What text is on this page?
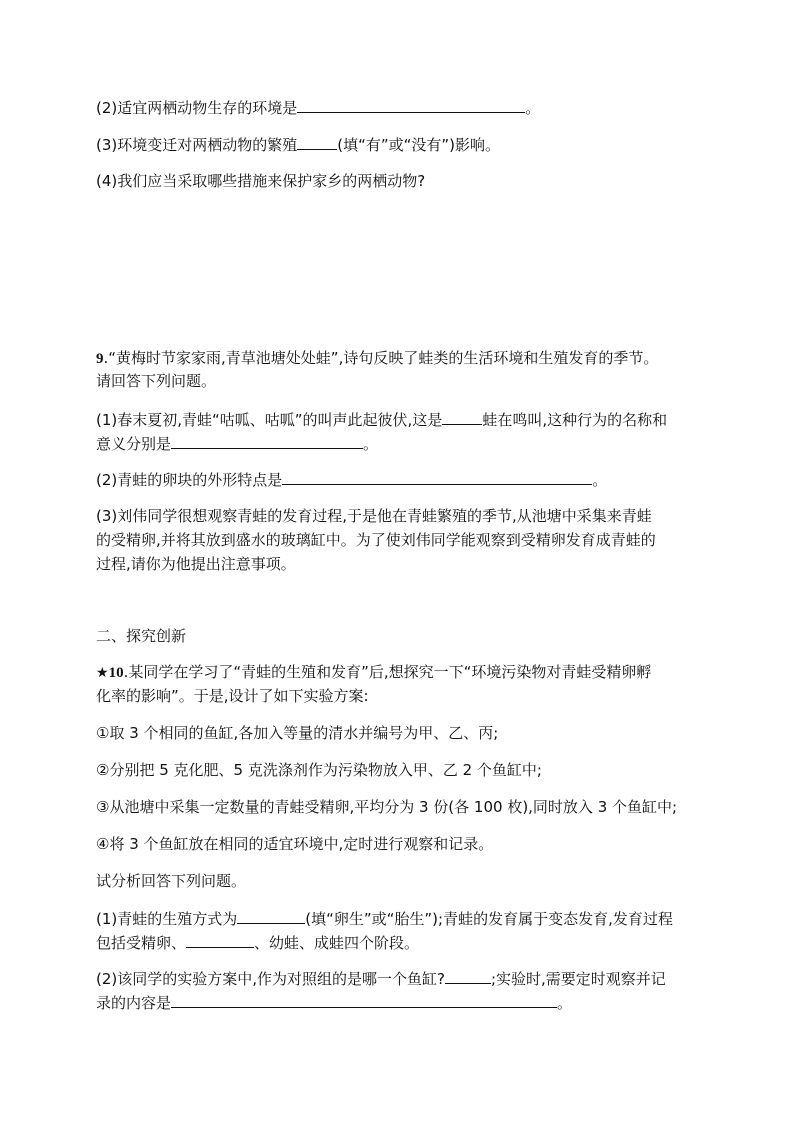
(2)适宜两栖动物生存的环境是	。
(3)环境变迁对两栖动物的繁殖	(填“有”或“没有”)影响。
(4)我们应当采取哪些措施来保护家乡的两栖动物?
9.“黄梅时节家家雨,青草池塘处处蛙”,诗句反映了蛙类的生活环境和生殖发育的季节。
请回答下列问题。
(1)春末夏初,青蛙“咕呱、咕呱”的叫声此起彼伏,这是	蛙在鸣叫,这种行为的名称和
意义分别是	。
(2)青蛙的卵块的外形特点是	。
(3)刘伟同学很想观察青蛙的发育过程,于是他在青蛙繁殖的季节,从池塘中采集来青蛙
的受精卵,并将其放到盛水的玻璃缸中。为了使刘伟同学能观察到受精卵发育成青蛙的
过程,请你为他提出注意事项。
二、探究创新
★10.某同学在学习了“青蛙的生殖和发育”后,想探究一下“环境污染物对青蛙受精卵孵
化率的影响”。于是,设计了如下实验方案:
①取 3 个相同的鱼缸,各加入等量的清水并编号为甲、乙、丙;
②分别把 5 克化肥、5 克洗涤剂作为污染物放入甲、乙 2 个鱼缸中;
③从池塘中采集一定数量的青蛙受精卵,平均分为 3 份(各 100 枚),同时放入 3 个鱼缸中;
④将 3 个鱼缸放在相同的适宜环境中,定时进行观察和记录。
试分析回答下列问题。
(1)青蛙的生殖方式为	(填“卵生”或“胎生”);青蛙的发育属于变态发育,发育过程
包括受精卵、	、幼蛙、成蛙四个阶段。
(2)该同学的实验方案中,作为对照组的是哪一个鱼缸?	;实验时,需要定时观察并记
录的内容是	。
